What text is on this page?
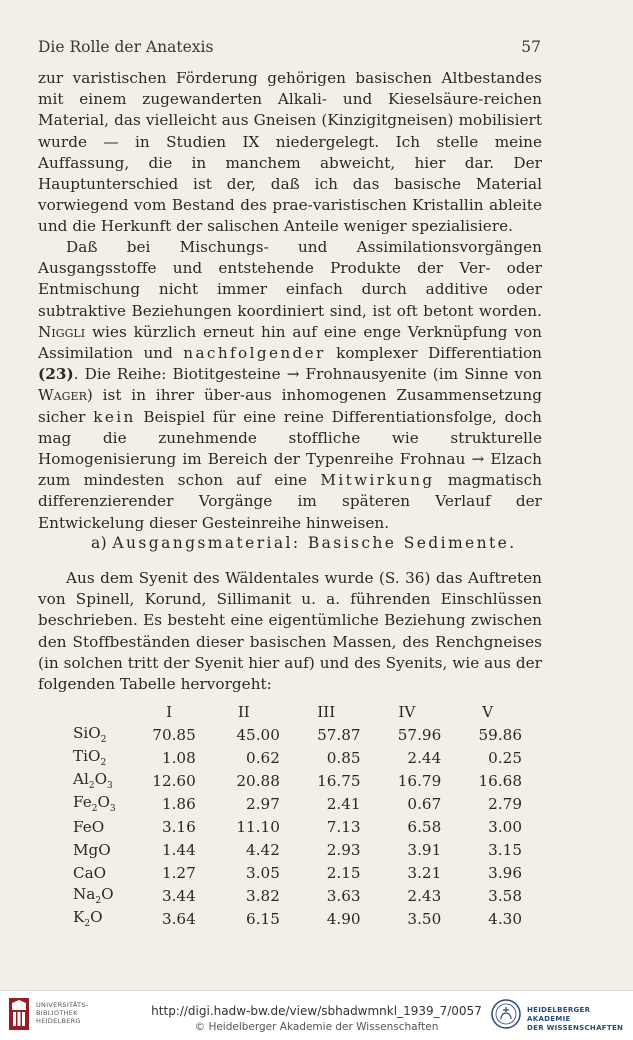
Die Rolle der Anatexis	57

zur varistischen Förderung gehörigen basischen Altbestandes mit einem zugewanderten Alkali- und Kieselsäure-reichen Material, das vielleicht aus Gneisen (Kinzigitgneisen) mobilisiert wurde — in Studien IX niedergelegt. Ich stelle meine Auffassung, die in manchem abweicht, hier dar. Der Hauptunterschied ist der, daß ich das basische Material vorwiegend vom Bestand des prae-varistischen Kristallin ableite und die Herkunft der salischen Anteile weniger spezialisiere.

Daß bei Mischungs- und Assimilationsvorgängen Ausgangsstoffe und entstehende Produkte der Ver- oder Entmischung nicht immer einfach durch additive oder subtraktive Beziehungen koordiniert sind, ist oft betont worden. Niggli wies kürzlich erneut hin auf eine enge Verknüpfung von Assimilation und nachfolgender komplexer Differentiation (23). Die Reihe: Biotitgesteine → Frohnausyenite (im Sinne von Wager) ist in ihrer über-aus inhomogenen Zusammensetzung sicher kein Beispiel für eine reine Differentiationsfolge, doch mag die zunehmende stoffliche wie strukturelle Homogenisierung im Bereich der Typenreihe Frohnau → Elzach zum mindesten schon auf eine Mitwirkung magmatisch differenzierender Vorgänge im späteren Verlauf der Entwickelung dieser Gesteinreihe hinweisen.

a) Ausgangsmaterial: Basische Sedimente.

Aus dem Syenit des Wäldentales wurde (S. 36) das Auftreten von Spinell, Korund, Sillimanit u. a. führenden Einschlüssen beschrieben. Es besteht eine eigentümliche Beziehung zwischen den Stoffbeständen dieser basischen Massen, des Renchgneises (in solchen tritt der Syenit hier auf) und des Syenits, wie aus der folgenden Tabelle hervorgeht:

	I	II	III	IV	V
SiO$_2$	70.85	45.00	57.87	57.96	59.86
TiO$_2$	1.08	0.62	0.85	2.44	0.25
$Al_2O_3$	12.60	20.88	16.75	16.79	16.68
$Fe_2O_3$	1.86	2.97	2.41	0.67	2.79
FeO	3.16	11.10	7.13	6.58	3.00
MgO	1.44	4.42	2.93	3.91	3.15
CaO	1.27	3.05	2.15	3.21	3.96
$Na_2O$	3.44	3.82	3.63	2.43	3.58
$K_2O$	3.64	6.15	4.90	3.50	4.30
UNIVERSITÄTS-
BIBLIOTHEK
HEIDELBERG
http://digi.hadw-bw.de/view/sbhadwmnkl_1939_7/0057
© Heidelberger Akademie der Wissenschaften
HEIDELBERGER AKADEMIE
DER WISSENSCHAFTEN
